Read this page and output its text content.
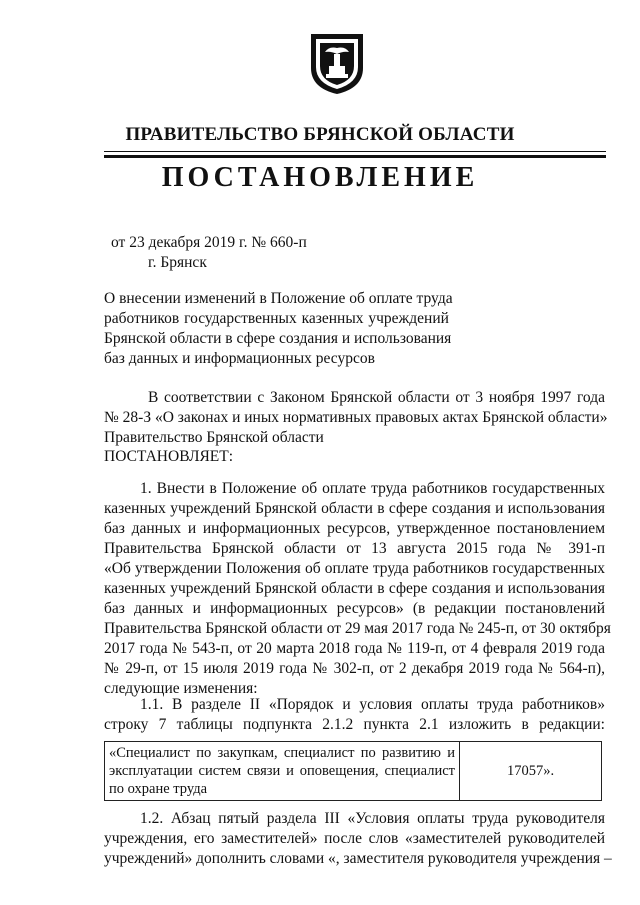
ПРАВИТЕЛЬСТВО БРЯНСКОЙ ОБЛАСТИ
ПОСТАНОВЛЕНИЕ
от 23 декабря 2019 г. № 660-п
г. Брянск
О внесении изменений в Положение об оплате труда
работников государственных казенных учреждений
Брянской области в сфере создания и использования
баз данных и информационных ресурсов
В соответствии с Законом Брянской области от 3 ноября 1997 года
№ 28-З «О законах и иных нормативных правовых актах Брянской области»
Правительство Брянской области
ПОСТАНОВЛЯЕТ:
1. Внести в Положение об оплате труда работников государственных
казенных учреждений Брянской области в сфере создания и использования
баз данных и информационных ресурсов, утвержденное постановлением
Правительства Брянской области от 13 августа 2015 года № 391-п
«Об утверждении Положения об оплате труда работников государственных
казенных учреждений Брянской области в сфере создания и использования
баз данных и информационных ресурсов» (в редакции постановлений
Правительства Брянской области от 29 мая 2017 года № 245-п, от 30 октября
2017 года № 543-п, от 20 марта 2018 года № 119-п, от 4 февраля 2019 года
№ 29-п, от 15 июля 2019 года № 302-п, от 2 декабря 2019 года № 564-п),
следующие изменения:
1.1. В разделе II «Порядок и условия оплаты труда работников»
строку 7 таблицы подпункта 2.1.2 пункта 2.1 изложить в редакции:
«Специалист по закупкам, специалист по развитию и эксплуатации систем связи и оповещения, специалист по охране труда	17057».
1.2. Абзац пятый раздела III «Условия оплаты труда руководителя
учреждения, его заместителей» после слов «заместителей руководителей
учреждений» дополнить словами «, заместителя руководителя учреждения –
